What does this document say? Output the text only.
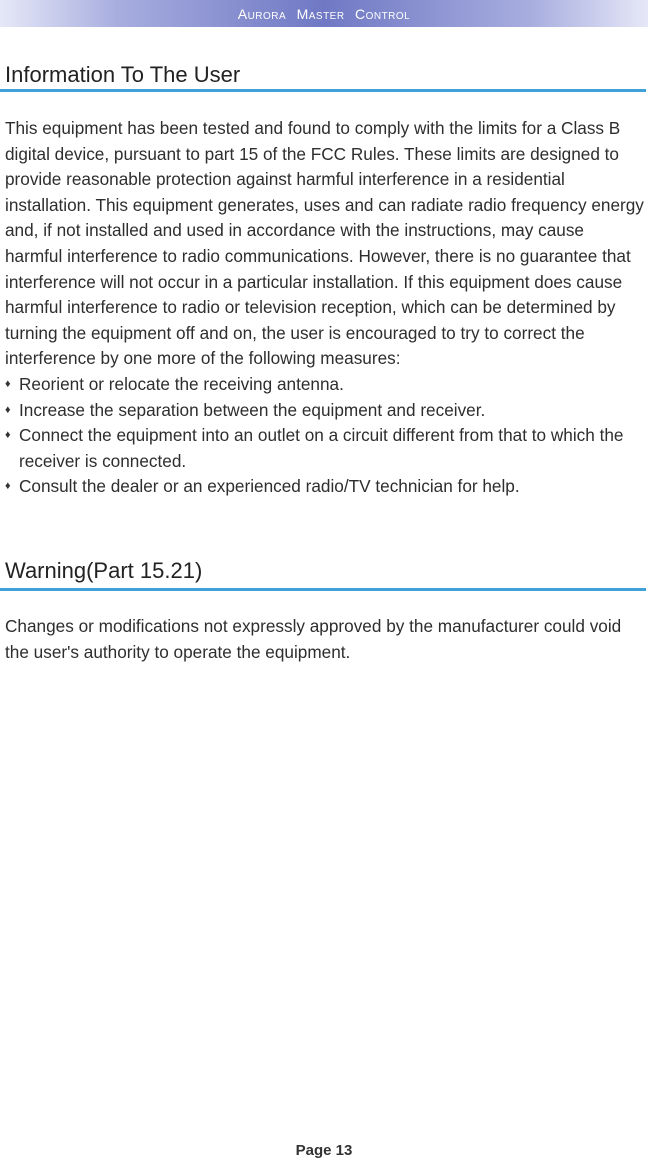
Aurora Master Control
Information To The User
This equipment has been tested and found to comply with the limits for a Class B digital device, pursuant to part 15 of the FCC Rules. These limits are designed to provide reasonable protection against harmful interference in a residential installation. This equipment generates, uses and can radiate radio frequency energy and, if not installed and used in accordance with the instructions, may cause harmful interference to radio communications. However, there is no guarantee that interference will not occur in a particular installation. If this equipment does cause harmful interference to radio or television reception, which can be determined by turning the equipment off and on, the user is encouraged to try to correct the interference by one more of the following measures:
♦ Reorient or relocate the receiving antenna.
♦ Increase the separation between the equipment and receiver.
♦ Connect the equipment into an outlet on a circuit different from that to which the receiver is connected.
♦ Consult the dealer or an experienced radio/TV technician for help.
Warning(Part 15.21)
Changes or modifications not expressly approved by the manufacturer could void the user's authority to operate the equipment.
Page 13
